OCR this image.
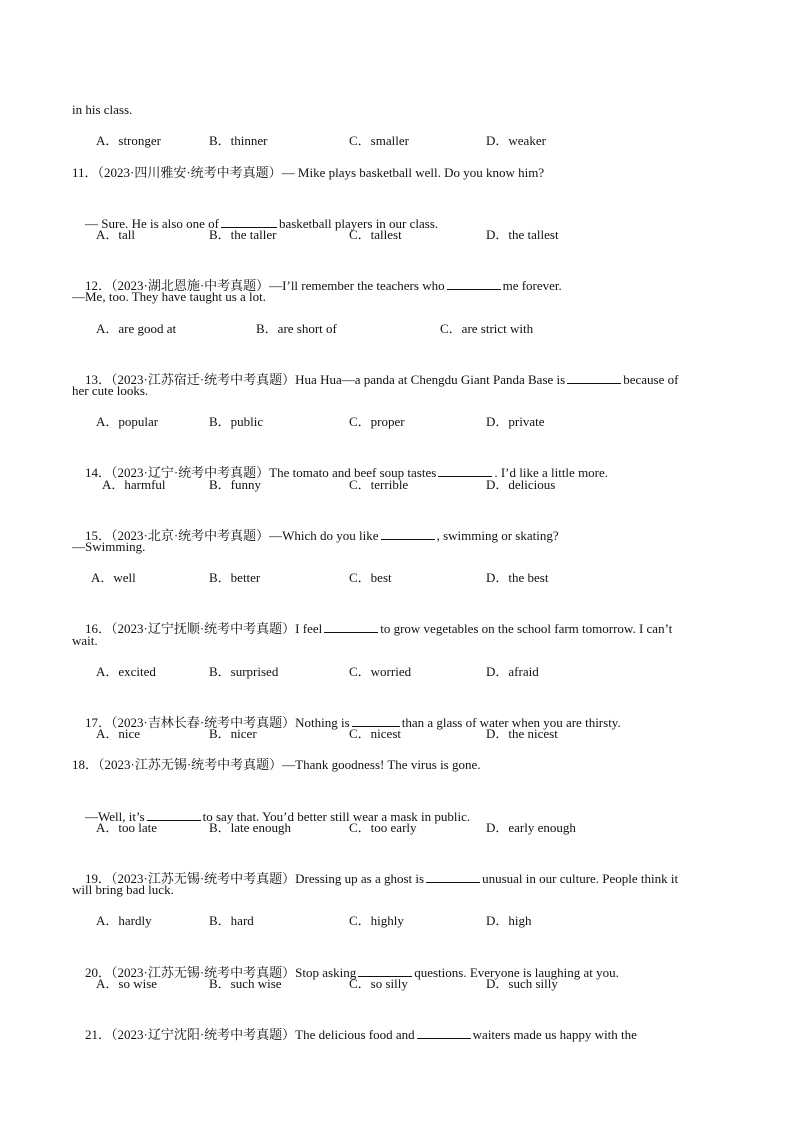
in his class.
A．stronger	B．thinner	C．smaller	D．weaker
11．（2023·四川雅安·统考中考真题）— Mike plays basketball well. Do you know him?

— Sure. He is also one of	basketball players in our class.

A．tall	B．the taller	C．tallest	D．the tallest

12．（2023·湖北恩施·中考真题）—I’ll remember the teachers who	me forever.

—Me, too. They have taught us a lot.
A．are good at	B．are short of	C．are strict with

13．（2023·江苏宿迁·统考中考真题）Hua Hua—a panda at Chengdu Giant Panda Base is	because of

her cute looks.
A．popular	B．public	C．proper	D．private

14．（2023·辽宁·统考中考真题）The tomato and beef soup tastes	. I’d like a little more.

A．harmful	B．funny	C．terrible	D．delicious

15．（2023·北京·统考中考真题）—Which do you like	, swimming or skating?

—Swimming.
A．well	B．better	C．best	D．the best

16．（2023·辽宁抚顺·统考中考真题）I feel	to grow vegetables on the school farm tomorrow. I can’t

wait.
A．excited	B．surprised	C．worried	D．afraid

17．（2023·吉林长春·统考中考真题）Nothing is	than a glass of water when you are thirsty.

A．nice	B．nicer	C．nicest	D．the nicest
18．（2023·江苏无锡·统考中考真题）—Thank goodness! The virus is gone.

—Well, it’s	to say that. You’d better still wear a mask in public.

A．too late	B．late enough	C．too early	D．early enough

19．（2023·江苏无锡·统考中考真题）Dressing up as a ghost is	unusual in our culture. People think it

will bring bad luck.
A．hardly	B．hard	C．highly	D．high

20．（2023·江苏无锡·统考中考真题）Stop asking	questions. Everyone is laughing at you.

A．so wise	B．such wise	C．so silly	D．such silly

21．（2023·辽宁沈阳·统考中考真题）The delicious food and	waiters made us happy with the
